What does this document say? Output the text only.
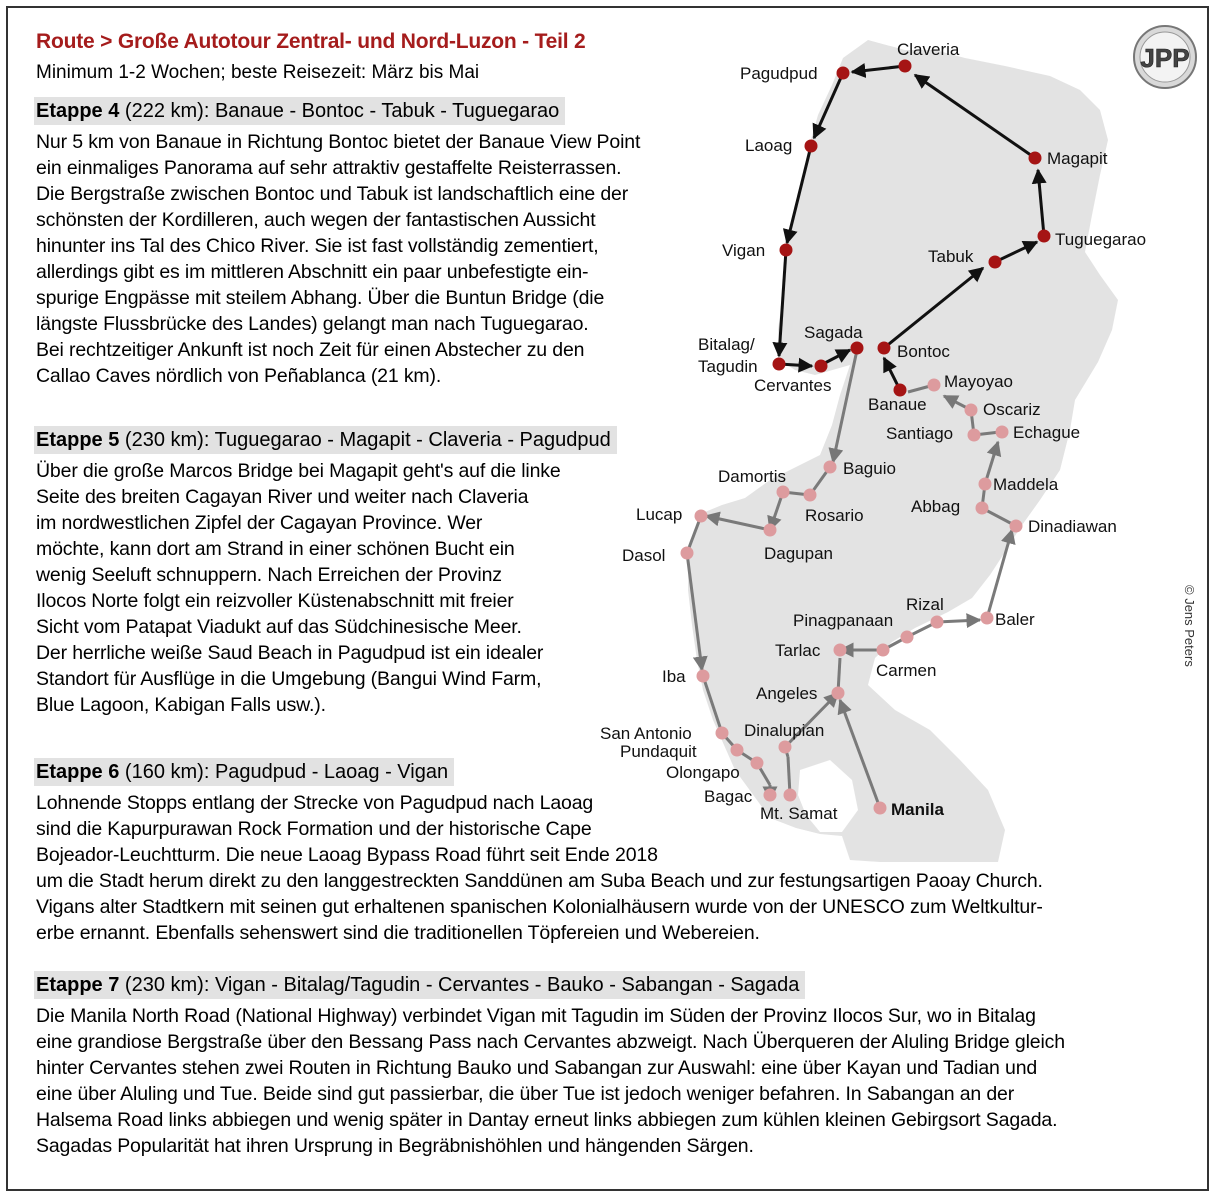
Claveria
Pagudpud
Laoag
Magapit
Vigan
Tuguegarao
Tabuk
Sagada
Bitalag/
Tagudin
Bontoc
Cervantes	Mayoyao
Banaue	Oscariz
Santiago	Echague
Baguio
Damortis	Maddela
Abbag
Rosario
Lucap
Dinadiawan
Dasol	Dagupan
Rizal
Pinagpanaan	Baler
Tarlac
Carmen
Iba
Angeles
San Antonio	Dinalupian
Pundaquit
Olongapo
Bagac
Mt. Samat	Manila
JPP
Route > Große Autotour Zentral- und Nord-Luzon - Teil 2
Minimum 1-2 Wochen; beste Reisezeit: März bis Mai
Etappe 4 (222 km): Banaue - Bontoc - Tabuk - Tuguegarao
Nur 5 km von Banaue in Richtung Bontoc bietet der Banaue View Point
ein einmaliges Panorama auf sehr attraktiv gestaffelte Reisterrassen.
Die Bergstraße zwischen Bontoc und Tabuk ist landschaftlich eine der
schönsten der Kordilleren, auch wegen der fantastischen Aussicht
hinunter ins Tal des Chico River. Sie ist fast vollständig zementiert,
allerdings gibt es im mittleren Abschnitt ein paar unbefestigte ein-
spurige Engpässe mit steilem Abhang. Über die Buntun Bridge (die
längste Flussbrücke des Landes) gelangt man nach Tuguegarao.
Bei rechtzeitiger Ankunft ist noch Zeit für einen Abstecher zu den
Callao Caves nördlich von Peñablanca (21 km).
Etappe 5 (230 km): Tuguegarao - Magapit - Claveria - Pagudpud
Über die große Marcos Bridge bei Magapit geht's auf die linke
Seite des breiten Cagayan River und weiter nach Claveria
im nordwestlichen Zipfel der Cagayan Province. Wer
möchte, kann dort am Strand in einer schönen Bucht ein
wenig Seeluft schnuppern. Nach Erreichen der Provinz
Ilocos Norte folgt ein reizvoller Küstenabschnitt mit freier
Sicht vom Patapat Viadukt auf das Südchinesische Meer.
Der herrliche weiße Saud Beach in Pagudpud ist ein idealer
Standort für Ausflüge in die Umgebung (Bangui Wind Farm,
Blue Lagoon, Kabigan Falls usw.).
Etappe 6 (160 km): Pagudpud - Laoag - Vigan
Lohnende Stopps entlang der Strecke von Pagudpud nach Laoag
sind die Kapurpurawan Rock Formation und der historische Cape
Bojeador-Leuchtturm. Die neue Laoag Bypass Road führt seit Ende 2018
um die Stadt herum direkt zu den langgestreckten Sanddünen am Suba Beach und zur festungsartigen Paoay Church.
Vigans alter Stadtkern mit seinen gut erhaltenen spanischen Kolonialhäusern wurde von der UNESCO zum Weltkultur-
erbe ernannt. Ebenfalls sehenswert sind die traditionellen Töpfereien und Webereien.
Etappe 7 (230 km): Vigan - Bitalag/Tagudin - Cervantes - Bauko - Sabangan - Sagada
Die Manila North Road (National Highway) verbindet Vigan mit Tagudin im Süden der Provinz Ilocos Sur, wo in Bitalag
eine grandiose Bergstraße über den Bessang Pass nach Cervantes abzweigt. Nach Überqueren der Aluling Bridge gleich
hinter Cervantes stehen zwei Routen in Richtung Bauko und Sabangan zur Auswahl: eine über Kayan und Tadian und
eine über Aluling und Tue. Beide sind gut passierbar, die über Tue ist jedoch weniger befahren. In Sabangan an der
Halsema Road links abbiegen und wenig später in Dantay erneut links abbiegen zum kühlen kleinen Gebirgsort Sagada.
Sagadas Popularität hat ihren Ursprung in Begräbnishöhlen und hängenden Särgen.
© Jens Peters
